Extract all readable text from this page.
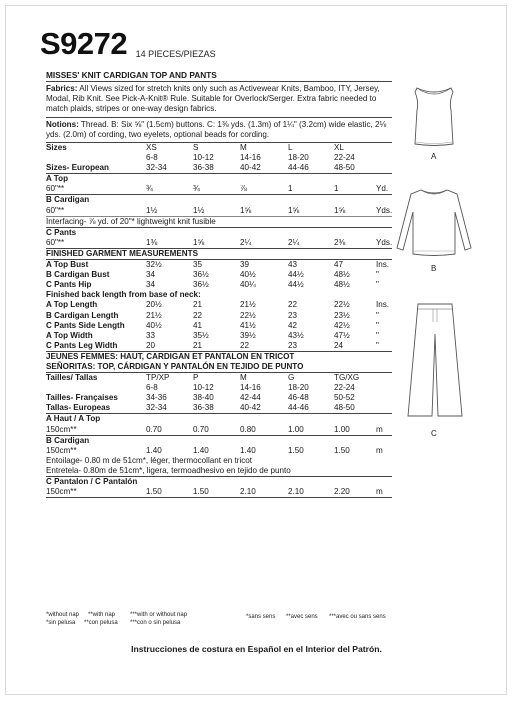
S9272 14 PIECES/PIEZAS
MISSES' KNIT CARDIGAN TOP AND PANTS
Fabrics: All Views sized for stretch knits only such as Activewear Knits, Bamboo, ITY, Jersey, Modal, Rib Knit. See Pick-A-Knit® Rule. Suitable for Overlock/Serger. Extra fabric needed to match plaids, stripes or one-way design fabrics.
Notions: Thread. B: Six ⅝" (1.5cm) buttons. C: 1⅜ yds. (1.3m) of 1¼" (3.2cm) wide elastic, 2⅛ yds. (2.0m) of cording, two eyelets, optional beads for cording.
Sizes	XS	S	M	L	XL
6-8	10-12	14-16	18-20	22-24
Sizes- European	32-34	36-38	40-42	44-46	48-50
A Top
60"**	¾	¾	⅞	1	1	Yd.
B Cardigan
60"**	1½	1½	1⅝	1⅝	1⅝	Yds.
Interfacing- ⅞ yd. of 20"* lightweight knit fusible
C Pants
60"**	1⅜	1⅝	2¼	2¼	2⅜	Yds.
FINISHED GARMENT MEASUREMENTS
A Top Bust	32½	35	39	43	47	Ins.
B Cardigan Bust	34	36½	40½	44½	48½	"
C Pants Hip	34	36½	40¼	44½	48½	"
Finished back length from base of neck:
A Top Length	20½	21	21½	22	22½	Ins.
B Cardigan Length	21½	22	22½	23	23½	"
C Pants Side Length	40½	41	41½	42	42½	"
A Top Width	33	35½	39½	43½	47½	"
C Pants Leg Width	20	21	22	23	24	"
JEUNES FEMMES: HAUT, CARDIGAN ET PANTALON EN TRICOT
SEÑORITAS: TOP, CÁRDIGAN Y PANTALÓN EN TEJIDO DE PUNTO
Tailles/ Tallas	TP/XP	P	M	G	TG/XG
6-8	10-12	14-16	18-20	22-24
Tailles- Françaises	34-36	38-40	42-44	46-48	50-52
Tallas- Europeas	32-34	36-38	40-42	44-46	48-50
A Haut / A Top
150cm**	0.70	0.70	0.80	1.00	1.00	m
B Cardigan
150cm**	1.40	1.40	1.40	1.50	1.50	m
Entoilage- 0.80 m de 51cm*, léger, thermocollant en tricot
Entretela- 0.80m de 51cm*, ligera, termoadhesivo en tejido de punto
C Pantalon / C Pantalón
150cm**	1.50	1.50	2.10	2.10	2.20	m
*without nap **with nap ***with or without nap	*sans sens **avec sens ***avec ou sans sens
*sin pelusa **con pelusa ***con o sin pelusa
Instrucciones de costura en Español en el Interior del Patrón.
A
B
C
